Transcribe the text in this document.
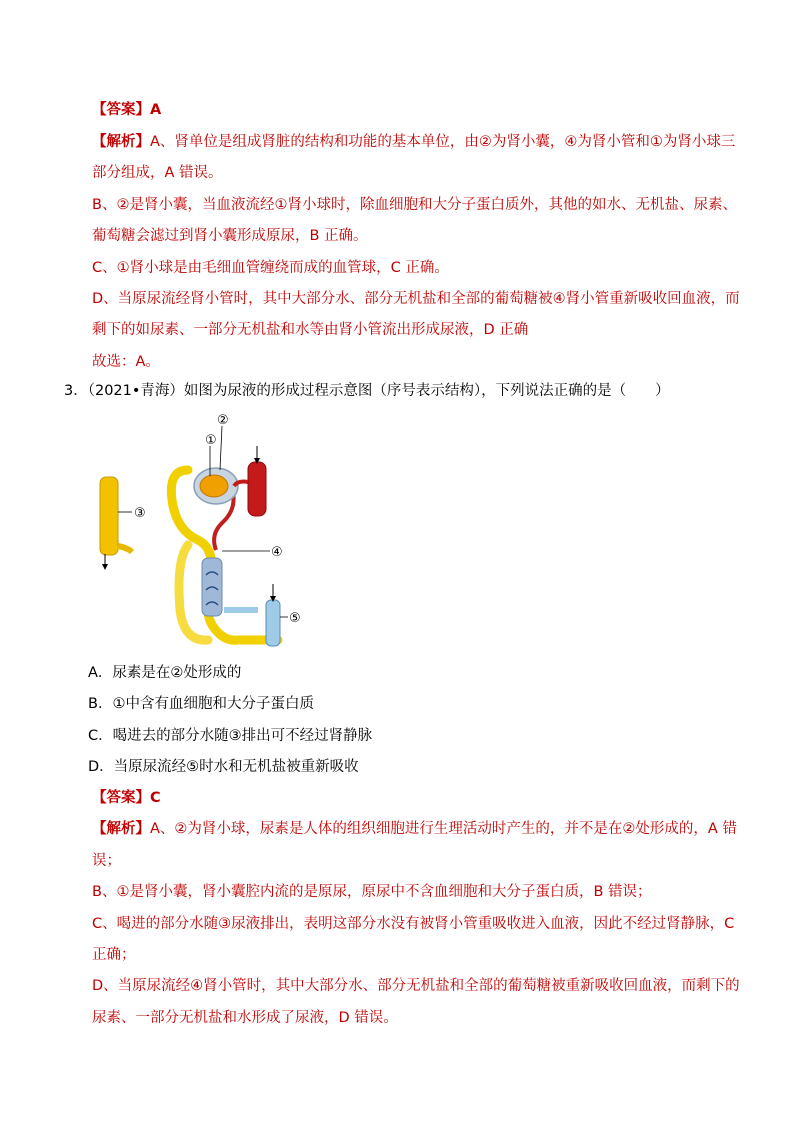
【答案】A
【解析】A、肾单位是组成肾脏的结构和功能的基本单位，由②为肾小囊，④为肾小管和①为肾小球三
部分组成，A 错误。
B、②是肾小囊，当血液流经①肾小球时，除血细胞和大分子蛋白质外，其他的如水、无机盐、尿素、
葡萄糖会滤过到肾小囊形成原尿，B 正确。
C、①肾小球是由毛细血管缠绕而成的血管球，C 正确。
D、当原尿流经肾小管时，其中大部分水、部分无机盐和全部的葡萄糖被④肾小管重新吸收回血液，而
剩下的如尿素、一部分无机盐和水等由肾小管流出形成尿液，D 正确
故选：A。
3．（2021•青海）如图为尿液的形成过程示意图（序号表示结构），下列说法正确的是（　　）
②
①
③
④
⑤
A．尿素是在②处形成的
B．①中含有血细胞和大分子蛋白质
C．喝进去的部分水随③排出可不经过肾静脉
D．当原尿流经⑤时水和无机盐被重新吸收
【答案】C
【解析】A、②为肾小球，尿素是人体的组织细胞进行生理活动时产生的，并不是在②处形成的，A 错
误；
B、①是肾小囊，肾小囊腔内流的是原尿，原尿中不含血细胞和大分子蛋白质，B 错误；
C、喝进的部分水随③尿液排出，表明这部分水没有被肾小管重吸收进入血液，因此不经过肾静脉，C
正确；
D、当原尿流经④肾小管时，其中大部分水、部分无机盐和全部的葡萄糖被重新吸收回血液，而剩下的
尿素、一部分无机盐和水形成了尿液，D 错误。
